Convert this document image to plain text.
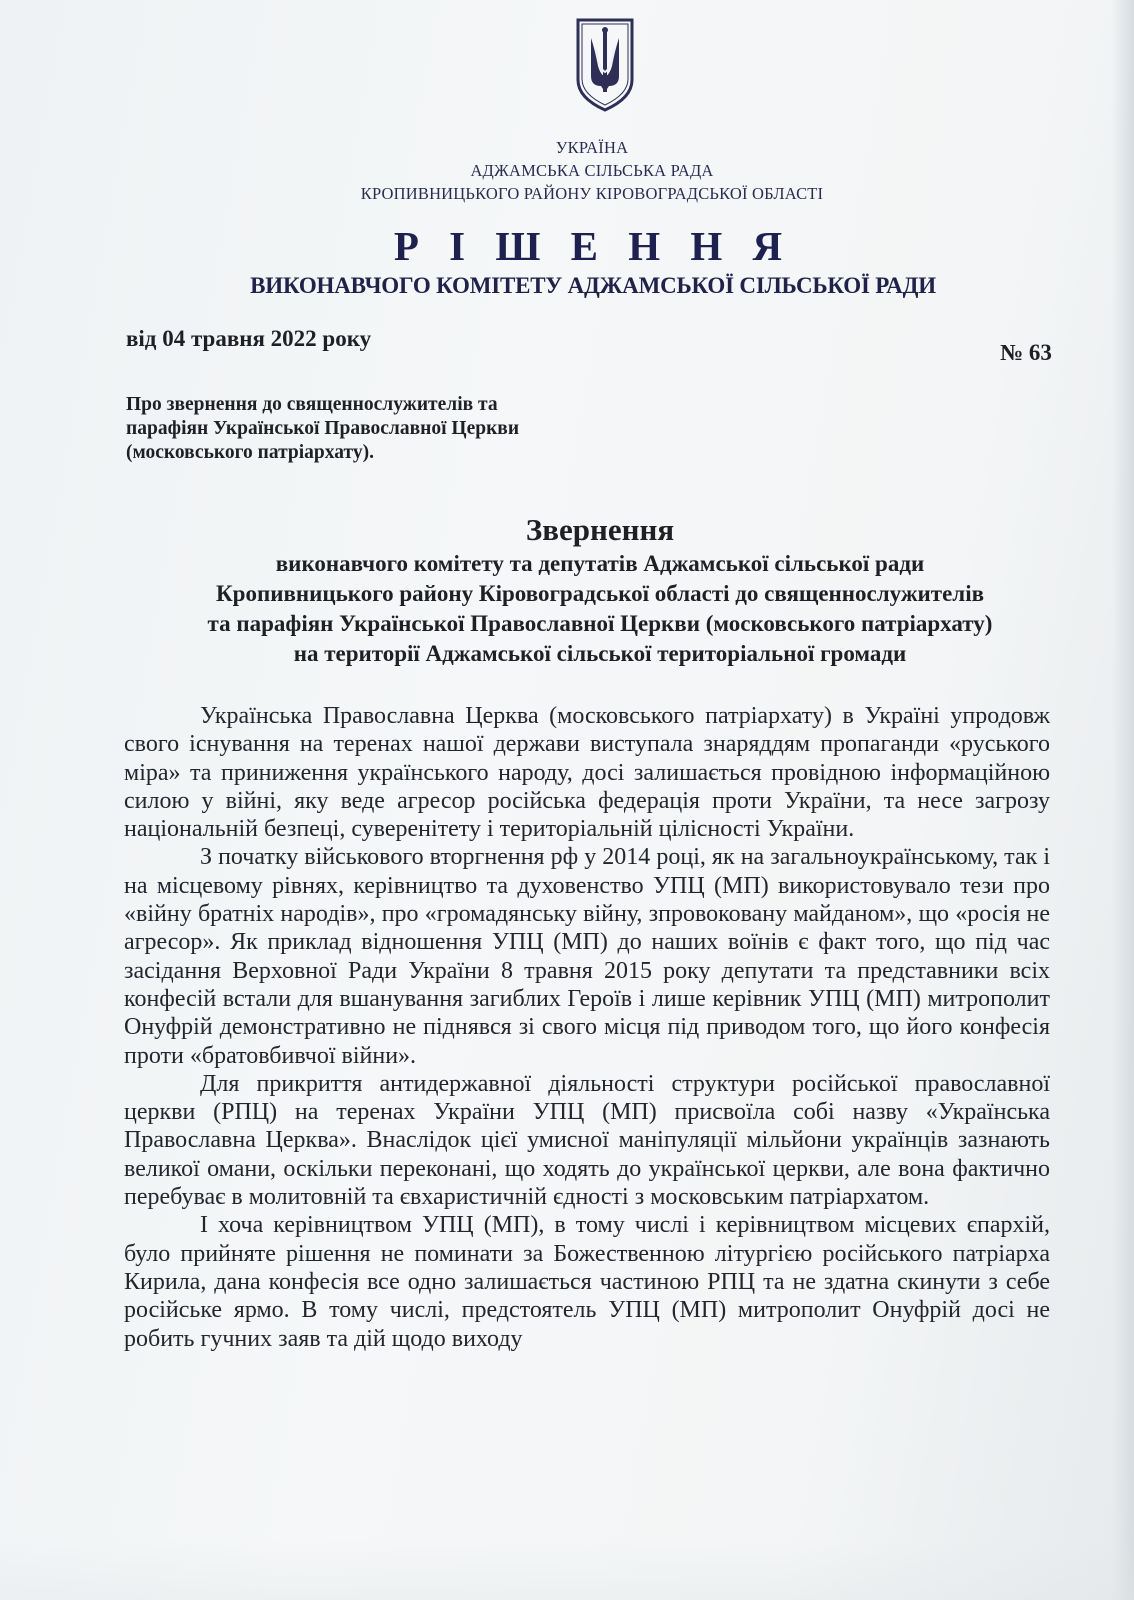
УКРАЇНА
АДЖАМСЬКА СІЛЬСЬКА РАДА
КРОПИВНИЦЬКОГО РАЙОНУ КІРОВОГРАДСЬКОЇ ОБЛАСТІ
Р І Ш Е Н Н Я
ВИКОНАВЧОГО КОМІТЕТУ АДЖАМСЬКОЇ СІЛЬСЬКОЇ РАДИ
від 04 травня 2022 року
№ 63
Про звернення до священнослужителів та
парафіян Української Православної Церкви
(московського патріархату).
Звернення
виконавчого комітету та депутатів Аджамської сільської ради
Кропивницького району Кіровоградської області до священнослужителів
та парафіян Української Православної Церкви (московського патріархату)
на території Аджамської сільської територіальної громади

Українська Православна Церква (московського патріархату) в Україні упродовж свого існування на теренах нашої держави виступала знаряддям пропаганди «руського міра» та приниження українського народу, досі залишається провідною інформаційною силою у війні, яку веде агресор російська федерація проти України, та несе загрозу національній безпеці, суверенітету і територіальній цілісності України.

З початку військового вторгнення рф у 2014 році, як на загальноукраїнському, так і на місцевому рівнях, керівництво та духовенство УПЦ (МП) використовувало тези про «війну братніх народів», про «громадянську війну, зпровоковану майданом», що «росія не агресор». Як приклад відношення УПЦ (МП) до наших воїнів є факт того, що під час засідання Верховної Ради України 8 травня 2015 року депутати та представники всіх конфесій встали для вшанування загиблих Героїв і лише керівник УПЦ (МП) митрополит Онуфрій демонстративно не піднявся зі свого місця під приводом того, що його конфесія проти «братовбивчої війни».

Для прикриття антидержавної діяльності структури російської православної церкви (РПЦ) на теренах України УПЦ (МП) присвоїла собі назву «Українська Православна Церква». Внаслідок цієї умисної маніпуляції мільйони українців зазнають великої омани, оскільки переконані, що ходять до української церкви, але вона фактично перебуває в молитовній та євхаристичній єдності з московським патріархатом.

І хоча керівництвом УПЦ (МП), в тому числі і керівництвом місцевих єпархій, було прийняте рішення не поминати за Божественною літургією російського патріарха Кирила, дана конфесія все одно залишається частиною РПЦ та не здатна скинути з себе російське ярмо. В тому числі, предстоятель УПЦ (МП) митрополит Онуфрій досі не робить гучних заяв та дій щодо виходу
